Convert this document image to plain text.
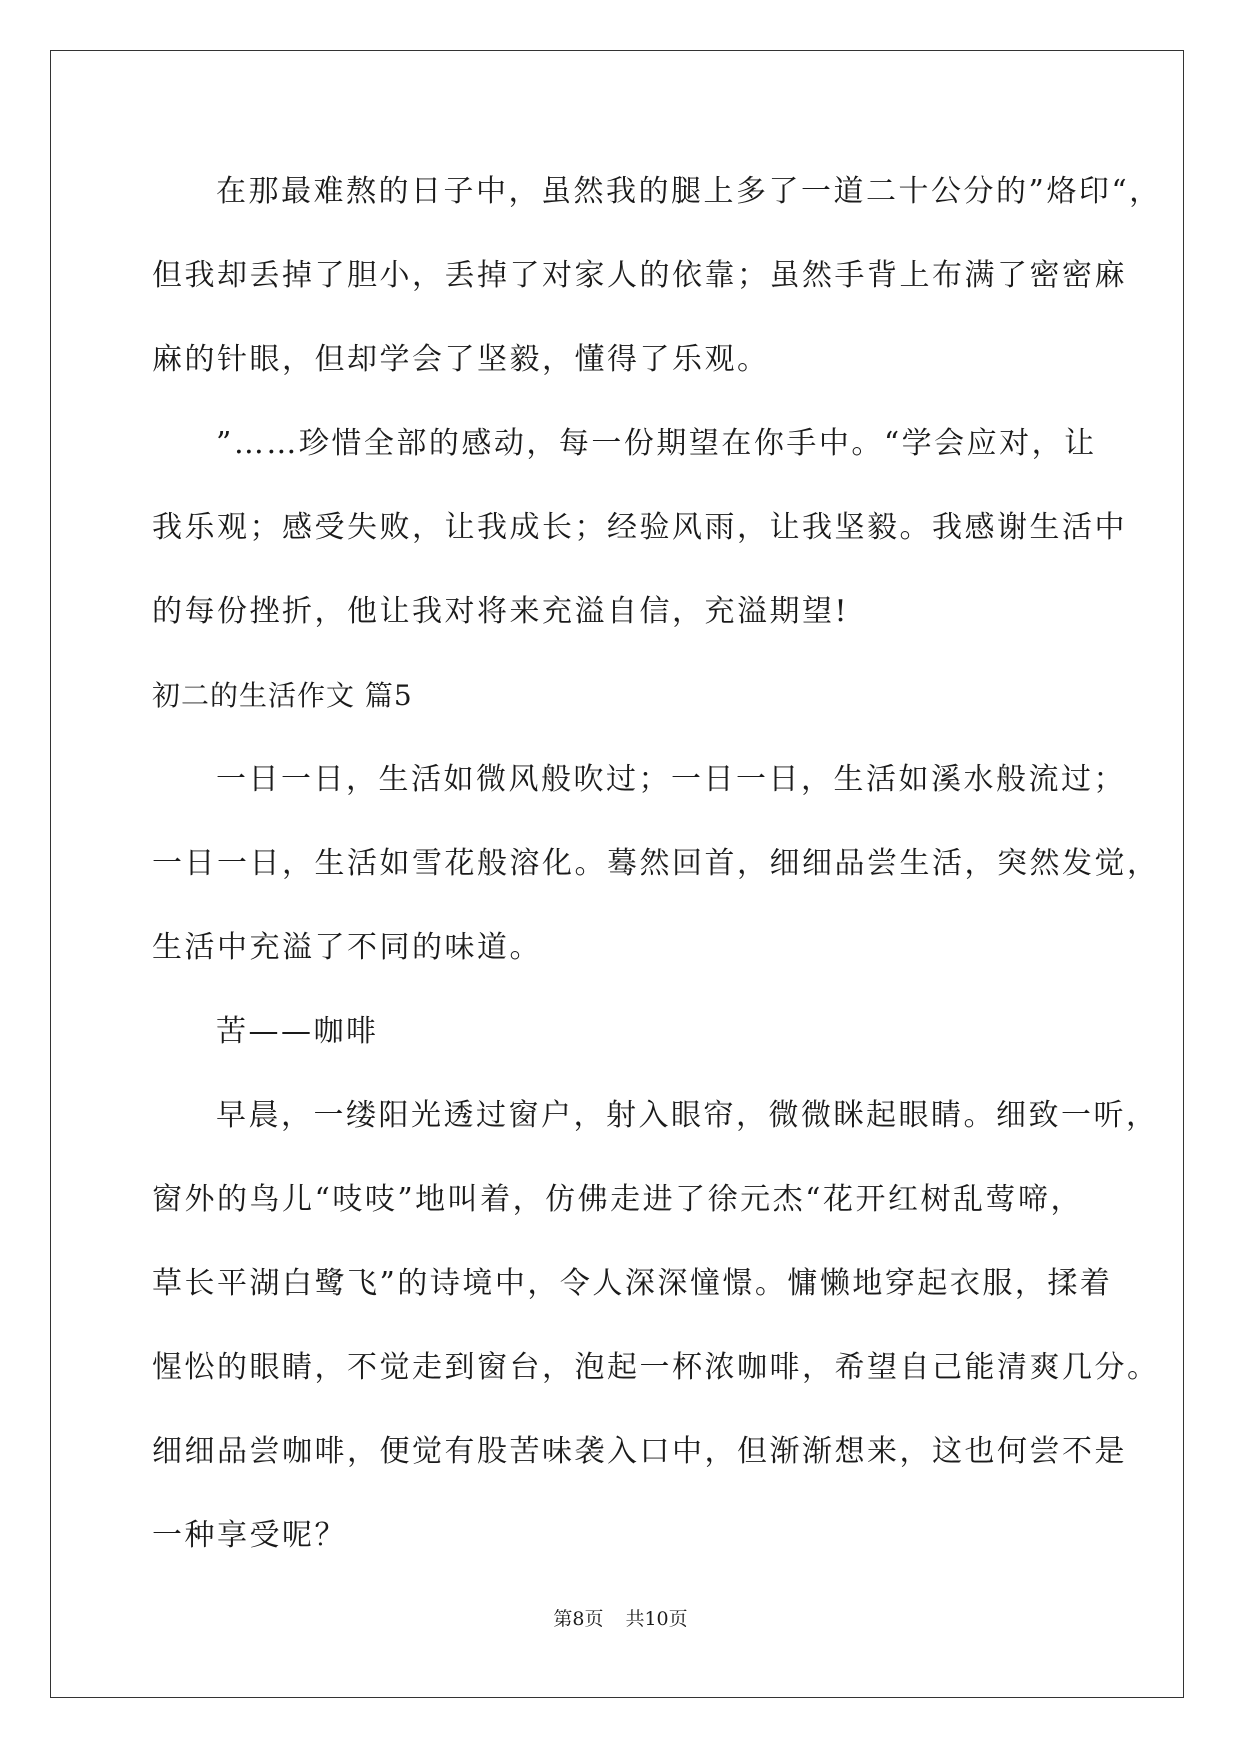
在那最难熬的日子中，虽然我的腿上多了一道二十公分的”烙印“，
但我却丢掉了胆小，丢掉了对家人的依靠；虽然手背上布满了密密麻
麻的针眼，但却学会了坚毅，懂得了乐观。
”……珍惜全部的感动，每一份期望在你手中。“学会应对，让
我乐观；感受失败，让我成长；经验风雨，让我坚毅。我感谢生活中
的每份挫折，他让我对将来充溢自信，充溢期望!
初二的生活作文 篇5
一日一日，生活如微风般吹过；一日一日，生活如溪水般流过；
一日一日，生活如雪花般溶化。蓦然回首，细细品尝生活，突然发觉，
生活中充溢了不同的味道。
苦——咖啡
早晨，一缕阳光透过窗户，射入眼帘，微微眯起眼睛。细致一听，
窗外的鸟儿“吱吱”地叫着，仿佛走进了徐元杰“花开红树乱莺啼，
草长平湖白鹭飞”的诗境中，令人深深憧憬。慵懒地穿起衣服，揉着
惺忪的眼睛，不觉走到窗台，泡起一杯浓咖啡，希望自己能清爽几分。
细细品尝咖啡，便觉有股苦味袭入口中，但渐渐想来，这也何尝不是
一种享受呢？
第8页 共10页
